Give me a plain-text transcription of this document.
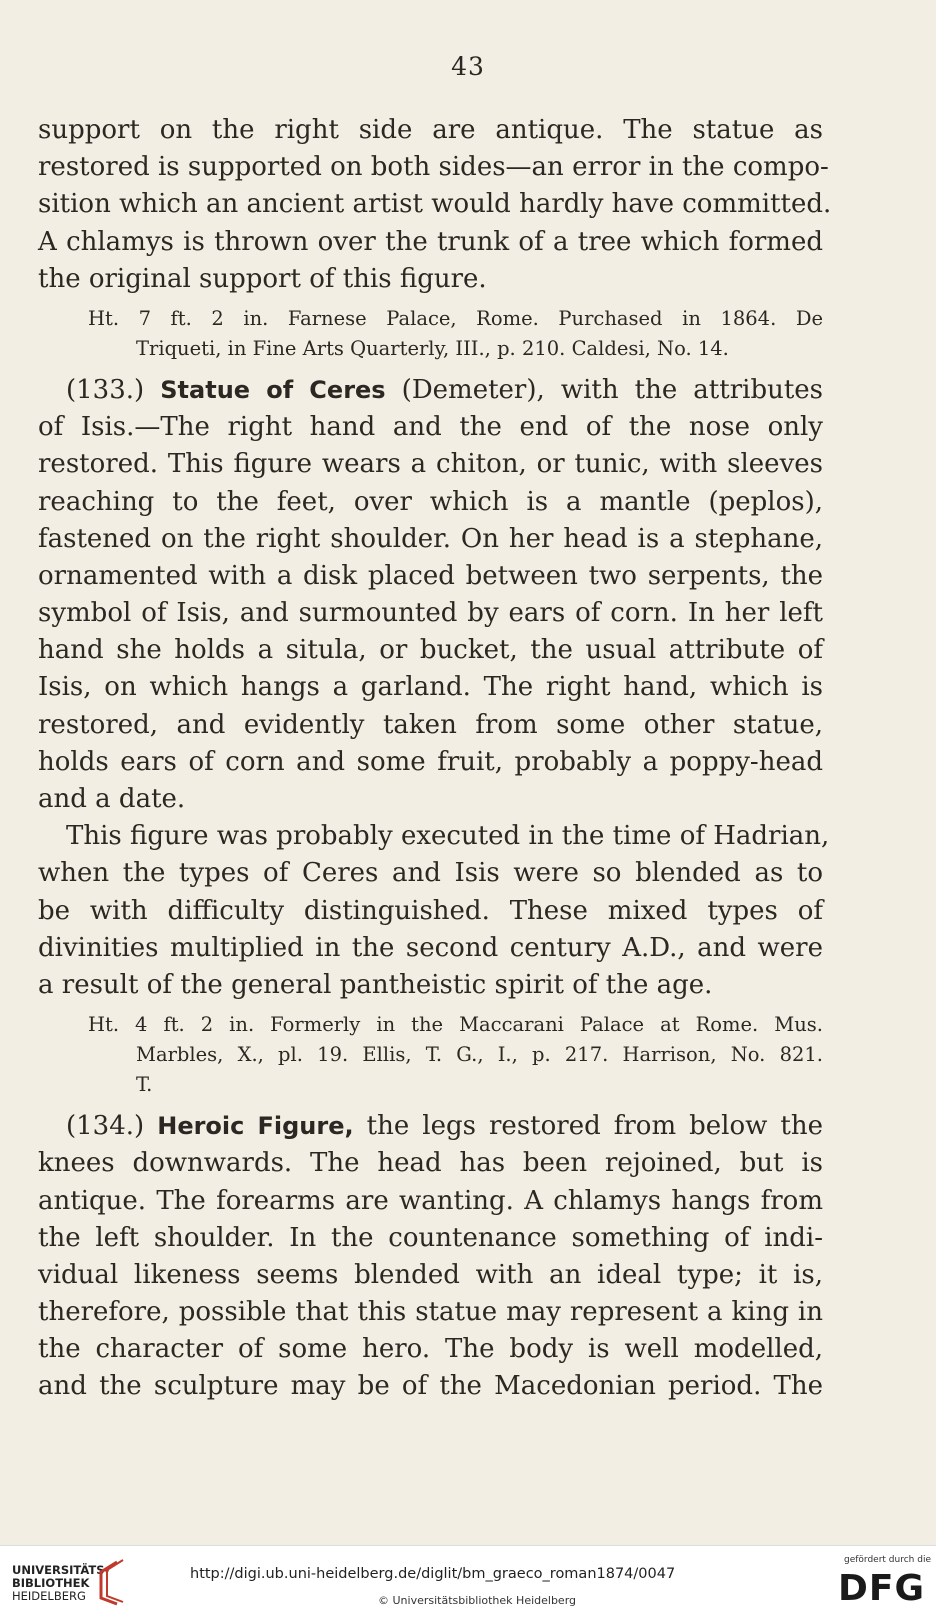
43
support on the right side are antique. The statue as
restored is supported on both sides—an error in the compo-
sition which an ancient artist would hardly have committed.
A chlamys is thrown over the trunk of a tree which formed
the original support of this figure.
Ht. 7 ft. 2 in. Farnese Palace, Rome. Purchased in 1864. De
Triqueti, in Fine Arts Quarterly, III., p. 210. Caldesi, No. 14.
(133.) Statue of Ceres (Demeter), with the attributes
of Isis.—The right hand and the end of the nose only
restored. This figure wears a chiton, or tunic, with sleeves
reaching to the feet, over which is a mantle (peplos),
fastened on the right shoulder. On her head is a stephane,
ornamented with a disk placed between two serpents, the
symbol of Isis, and surmounted by ears of corn. In her left
hand she holds a situla, or bucket, the usual attribute of
Isis, on which hangs a garland. The right hand, which is
restored, and evidently taken from some other statue,
holds ears of corn and some fruit, probably a poppy-head
and a date.
This figure was probably executed in the time of Hadrian,
when the types of Ceres and Isis were so blended as to
be with difficulty distinguished. These mixed types of
divinities multiplied in the second century A.D., and were
a result of the general pantheistic spirit of the age.
Ht. 4 ft. 2 in. Formerly in the Maccarani Palace at Rome. Mus.
Marbles, X., pl. 19. Ellis, T. G., I., p. 217. Harrison, No. 821.
T.
(134.) Heroic Figure, the legs restored from below the
knees downwards. The head has been rejoined, but is
antique. The forearms are wanting. A chlamys hangs from
the left shoulder. In the countenance something of indi-
vidual likeness seems blended with an ideal type; it is,
therefore, possible that this statue may represent a king in
the character of some hero. The body is well modelled,
and the sculpture may be of the Macedonian period. The
UNIVERSITÄTS-
BIBLIOTHEK
HEIDELBERG
http://digi.ub.uni-heidelberg.de/diglit/bm_graeco_roman1874/0047
© Universitätsbibliothek Heidelberg
gefördert durch die
DFG
